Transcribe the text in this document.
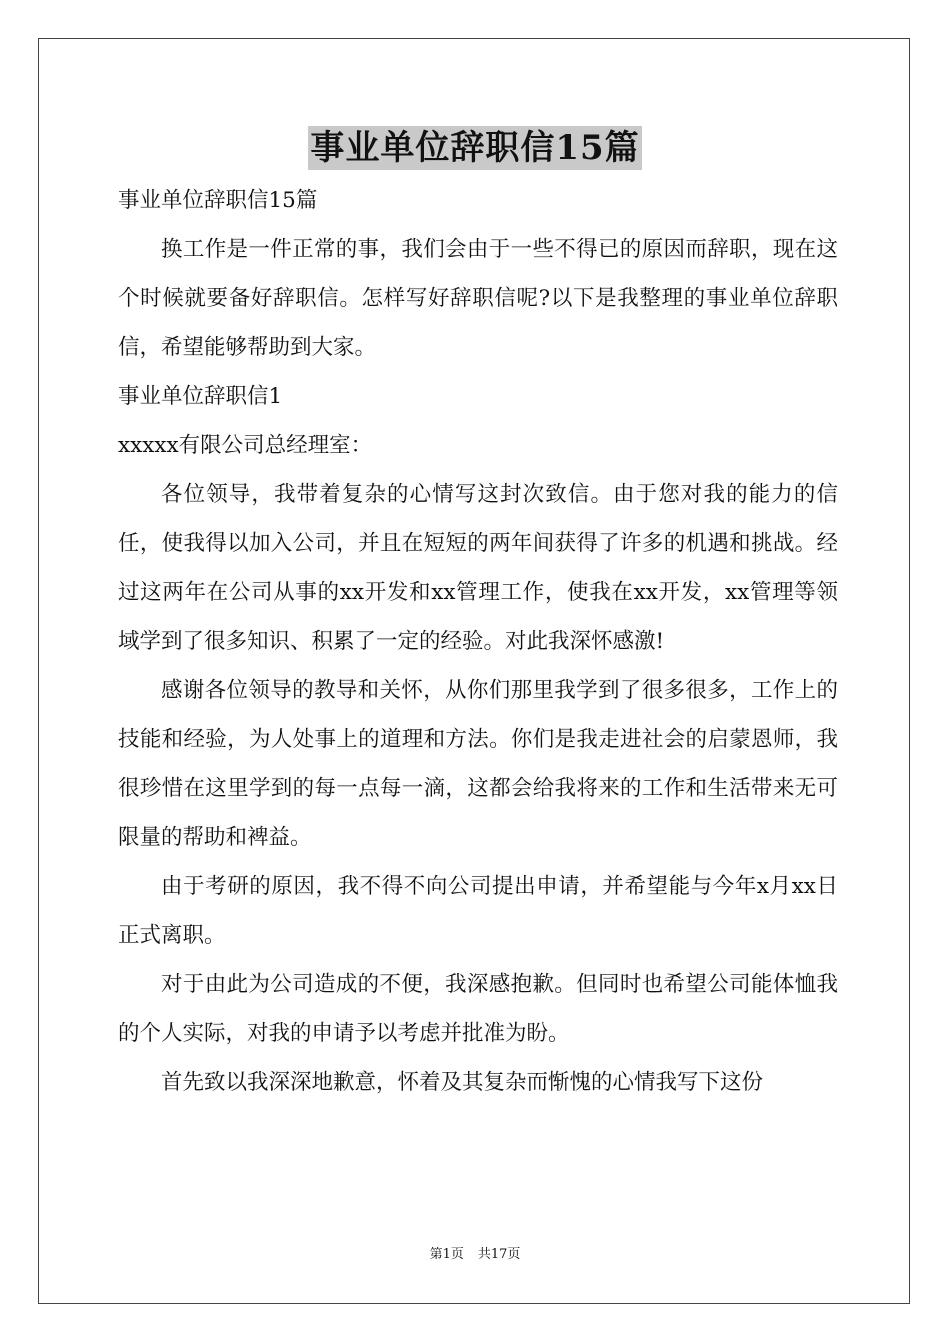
事业单位辞职信15篇

事业单位辞职信15篇

换工作是一件正常的事，我们会由于一些不得已的原因而辞职，现在这个时候就要备好辞职信。怎样写好辞职信呢?以下是我整理的事业单位辞职信，希望能够帮助到大家。

事业单位辞职信1

xxxxx有限公司总经理室：

各位领导，我带着复杂的心情写这封次致信。由于您对我的能力的信任，使我得以加入公司，并且在短短的两年间获得了许多的机遇和挑战。经过这两年在公司从事的xx开发和xx管理工作，使我在xx开发，xx管理等领域学到了很多知识、积累了一定的经验。对此我深怀感激!

感谢各位领导的教导和关怀，从你们那里我学到了很多很多，工作上的技能和经验，为人处事上的道理和方法。你们是我走进社会的启蒙恩师，我很珍惜在这里学到的每一点每一滴，这都会给我将来的工作和生活带来无可限量的帮助和裨益。

由于考研的原因，我不得不向公司提出申请，并希望能与今年x月xx日正式离职。

对于由此为公司造成的不便，我深感抱歉。但同时也希望公司能体恤我的个人实际，对我的申请予以考虑并批准为盼。

首先致以我深深地歉意，怀着及其复杂而惭愧的心情我写下这份

第1页 共17页
